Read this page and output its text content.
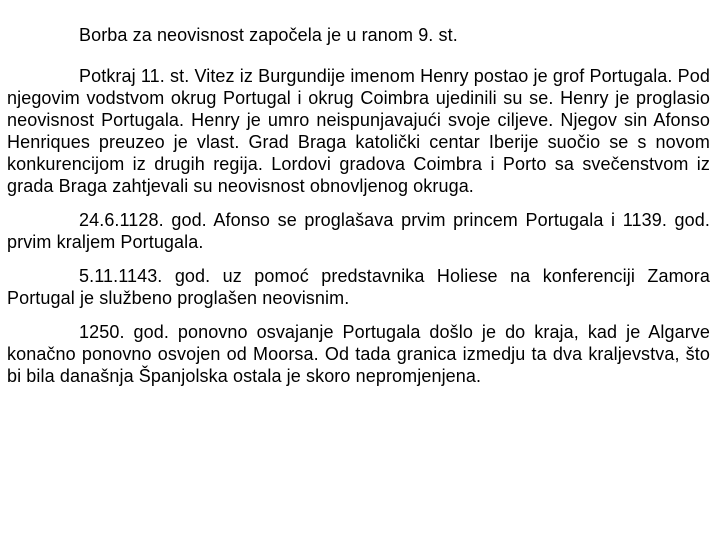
Borba za neovisnost započela je u ranom 9. st.

Potkraj 11. st. Vitez iz Burgundije imenom Henry postao je grof Portugala. Pod njegovim vodstvom okrug Portugal i okrug Coimbra ujedinili su se. Henry je proglasio neovisnost Portugala. Henry je umro neispunjavajući svoje ciljeve. Njegov sin Afonso Henriques preuzeo je vlast. Grad Braga katolički centar Iberije suočio se s novom konkurencijom iz drugih regija. Lordovi gradova Coimbra i Porto sa svečenstvom iz grada Braga zahtjevali su neovisnost obnovljenog okruga.

24.6.1128. god. Afonso se proglašava prvim princem Portugala i 1139. god. prvim kraljem Portugala.

5.11.1143. god. uz pomoć predstavnika Holiese na konferenciji Zamora Portugal je službeno proglašen neovisnim.

1250. god. ponovno osvajanje Portugala došlo je do kraja, kad je Algarve konačno ponovno osvojen od Moorsa. Od tada granica izmedju ta dva kraljevstva, što bi bila današnja Španjolska ostala je skoro nepromjenjena.
